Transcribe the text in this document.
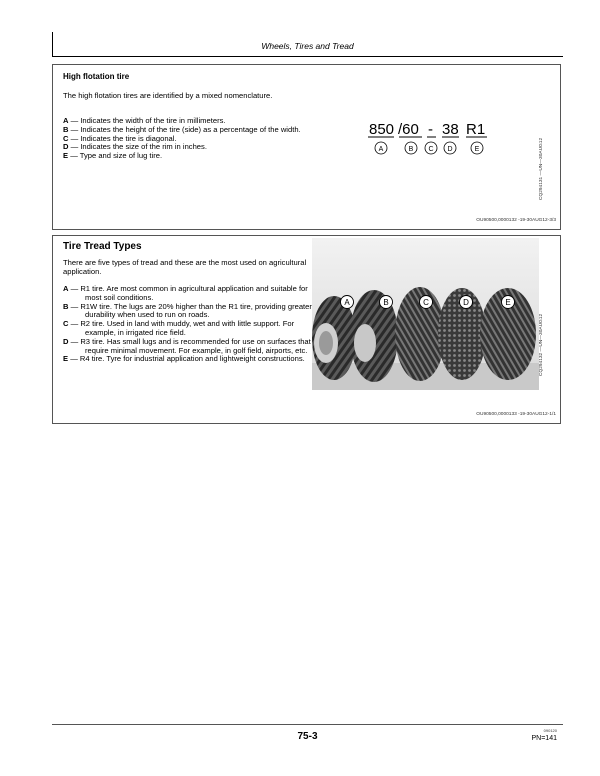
Wheels, Tires and Tread
High flotation tire
The high flotation tires are identified by a mixed nomenclature.
A — Indicates the width of the tire in millimeters.
B — Indicates the height of the tire (side) as a percentage of the width.
C — Indicates the tire is diagonal.
D — Indicates the size of the rim in inches.
E — Type and size of lug tire.
850 /60 - 38 R1
A	B C D	E	CQ294131 —UN—30AUG12
OU90500,0000132 -19-30AUG12-3/3
Tire Tread Types
There are five types of tread and these are the most used on agricultural application.
A — R1 tire. Are most common in agricultural application and suitable for most soil conditions.
B — R1W tire. The lugs are 20% higher than the R1 tire, providing greater durability when used to run on roads.
C — R2 tire. Used in land with muddy, wet and with little support. For example, in irrigated rice field.
D — R3 tire. Has small lugs and is recommended for use on surfaces that require minimal movement. For example, in golf field, airports, etc.
E — R4 tire. Tyre for industrial application and lightweight constructions.	CQ294132 —UN—30AUG12
OU90500,0000133 -19-30AUG12-1/1
A	B	C	D	E
75-3
090120
PN=141
